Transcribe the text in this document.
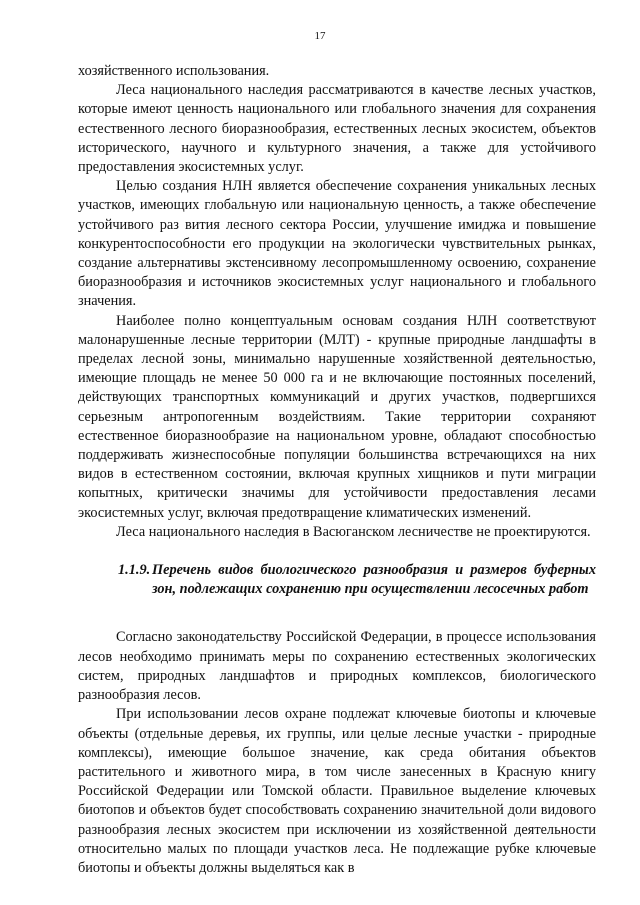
17

хозяйственного использования.

Леса национального наследия рассматриваются в качестве лесных участков, которые имеют ценность национального или глобального значения для сохранения естественного лесного биоразнообразия, естественных лесных экосистем, объектов исторического, научного и культурного значения, а также для устойчивого предоставления экосистемных услуг.

Целью создания НЛН является обеспечение сохранения уникальных лесных участков, имеющих глобальную или национальную ценность, а также обеспечение устойчивого раз вития лесного сектора России, улучшение имиджа и повышение конкурентоспособности его продукции на экологически чувствительных рынках, создание альтернативы экстенсивному лесопромышленному освоению, сохранение биоразнообразия и источников экосистемных услуг национального и глобального значения.

Наиболее полно концептуальным основам создания НЛН соответствуют малонарушенные лесные территории (МЛТ) - крупные природные ландшафты в пределах лесной зоны, минимально нарушенные хозяйственной деятельностью, имеющие площадь не менее 50 000 га и не включающие постоянных поселений, действующих транспортных коммуникаций и других участков, подвергшихся серьезным антропогенным воздействиям. Такие территории сохраняют естественное биоразнообразие на национальном уровне, обладают способностью поддерживать жизнеспособные популяции большинства встречающихся на них видов в естественном состоянии, включая крупных хищников и пути миграции копытных, критически значимы для устойчивости предоставления лесами экосистемных услуг, включая предотвращение климатических изменений.

Леса национального наследия в Васюганском лесничестве не проектируются.

1.1.9. Перечень видов биологического разнообразия и размеров буферных зон, подлежащих сохранению при осуществлении лесосечных работ

Согласно законодательству Российской Федерации, в процессе использования лесов необходимо принимать меры по сохранению естественных экологических систем, природных ландшафтов и природных комплексов, биологического разнообразия лесов.

При использовании лесов охране подлежат ключевые биотопы и ключевые объекты (отдельные деревья, их группы, или целые лесные участки - природные комплексы), имеющие большое значение, как среда обитания объектов растительного и животного мира, в том числе занесенных в Красную книгу Российской Федерации или Томской области. Правильное выделение ключевых биотопов и объектов будет способствовать сохранению значительной доли видового разнообразия лесных экосистем при исключении из хозяйственной деятельности относительно малых по площади участков леса. Не подлежащие рубке ключевые биотопы и объекты должны выделяться как в
